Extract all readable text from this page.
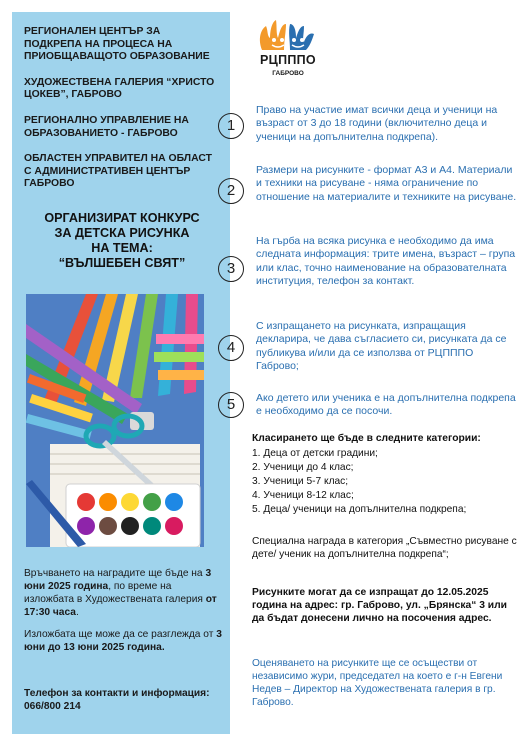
РЕГИОНАЛЕН ЦЕНТЪР ЗА ПОДКРЕПА НА ПРОЦЕСА НА ПРИОБЩАВАЩОТО ОБРАЗОВАНИЕ

ХУДОЖЕСТВЕНА ГАЛЕРИЯ “ХРИСТО ЦОКЕВ”, ГАБРОВО

РЕГИОНАЛНО УПРАВЛЕНИЕ НА ОБРАЗОВАНИЕТО - ГАБРОВО

ОБЛАСТЕН УПРАВИТЕЛ НА ОБЛАСТ С АДМИНИСТРАТИВЕН ЦЕНТЪР ГАБРОВО

ОРГАНИЗИРАТ КОНКУРС
ЗА ДЕТСКА РИСУНКА
НА ТЕМА:
“ВЪЛШЕБЕН СВЯТ”
Връчването на наградите ще бъде на 3 юни 2025 година, по време на изложбата в Художествената галерия от 17:30 часа.
Изложбата ще може да се разглежда от 3 юни до 13 юни 2025 година.
Телефон за контакти и информация: 066/800 214
РЦПППО
ГАБРОВО
1
Право на участие имат всички деца и ученици на възраст от 3 до 18 години (включително деца и ученици на допълнителна подкрепа).
2
Размери на рисунките - формат А3 и А4. Материали и техники на рисуване - няма ограничение по отношение на материалите и техниките на рисуване.
3
На гърба на всяка рисунка е необходимо да има следната информация: трите имена, възраст – група или клас, точно наименование на образователната институция, телефон за контакт.
4
С изпращането на рисунката, изпращащия декларира, че дава съгласието си, рисунката да се публикува и/или да се използва от РЦПППО Габрово;
5	Ако детето или ученика е на допълнителна подкрепа е необходимо да се посочи.
Класирането ще бъде в следните категории:
1. Деца от детски градини;
2. Ученици до 4 клас;
3. Ученици 5-7 клас;
4. Ученици 8-12 клас;
5. Деца/ ученици на допълнителна подкрепа;
Специална награда в категория „Съвместно рисуване с дете/ ученик на допълнителна подкрепа“;
Рисунките могат да се изпращат до 12.05.2025 година на адрес: гр. Габрово, ул. „Брянска“ 3 или да бъдат донесени лично на посочения адрес.
Оценяването на рисунките ще се осъществи от независимо жури, председател на което е г-н Евгени Недев – Директор на Художествената галерия в гр. Габрово.
